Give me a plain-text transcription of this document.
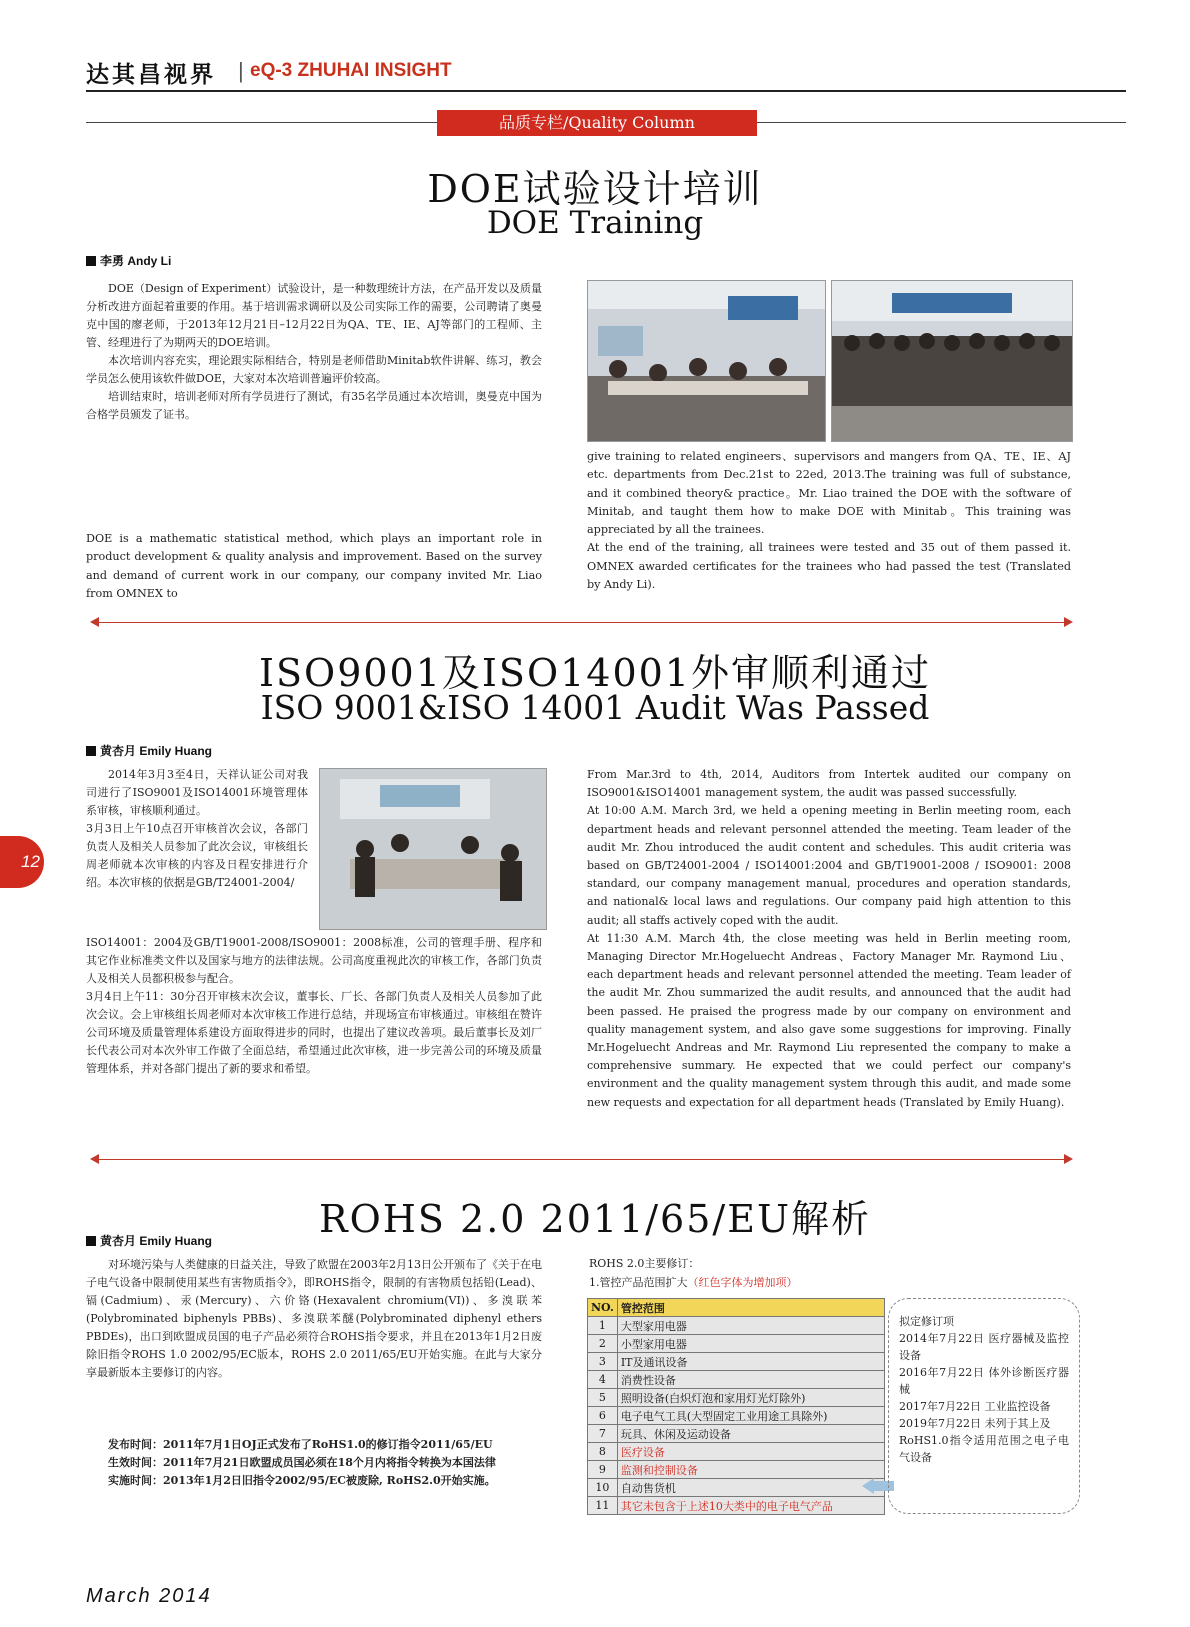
达其昌视界 | eQ-3 ZHUHAI INSIGHT
品质专栏/Quality Column
DOE试验设计培训
DOE Training
李勇 Andy Li

DOE（Design of Experiment）试验设计，是一种数理统计方法，在产品开发以及质量分析改进方面起着重要的作用。基于培训需求调研以及公司实际工作的需要，公司聘请了奥曼克中国的廖老师，于2013年12月21日–12月22日为QA、TE、IE、AJ等部门的工程师、主管、经理进行了为期两天的DOE培训。

本次培训内容充实，理论跟实际相结合，特别是老师借助Minitab软件讲解、练习，教会学员怎么使用该软件做DOE，大家对本次培训普遍评价较高。

培训结束时，培训老师对所有学员进行了测试，有35名学员通过本次培训，奥曼克中国为合格学员颁发了证书。

DOE is a mathematic statistical method, which plays an important role in product development & quality analysis and improvement. Based on the survey and demand of current work in our company, our company invited Mr. Liao from OMNEX to

give training to related engineers、supervisors and mangers from QA、TE、IE、AJ etc. departments from Dec.21st to 22ed, 2013.The training was full of substance, and it combined theory& practice。Mr. Liao trained the DOE with the software of Minitab, and taught them how to make DOE with Minitab。This training was appreciated by all the trainees.
At the end of the training, all trainees were tested and 35 out of them passed it. OMNEX awarded certificates for the trainees who had passed the test (Translated by Andy Li).

ISO9001及ISO14001外审顺利通过
ISO 9001&ISO 14001 Audit Was Passed
黄杏月 Emily Huang

2014年3月3至4日，天祥认证公司对我司进行了ISO9001及ISO14001环境管理体系审核，审核顺利通过。
3月3日上午10点召开审核首次会议，各部门负责人及相关人员参加了此次会议，审核组长周老师就本次审核的内容及日程安排进行介绍。本次审核的依据是GB/T24001-2004/

ISO14001：2004及GB/T19001-2008/ISO9001：2008标准，公司的管理手册、程序和其它作业标准类文件以及国家与地方的法律法规。公司高度重视此次的审核工作，各部门负责人及相关人员都积极参与配合。
3月4日上午11：30分召开审核末次会议，董事长、厂长、各部门负责人及相关人员参加了此次会议。会上审核组长周老师对本次审核工作进行总结，并现场宣布审核通过。审核组在赞许公司环境及质量管理体系建设方面取得进步的同时，也提出了建议改善项。最后董事长及刘厂长代表公司对本次外审工作做了全面总结，希望通过此次审核，进一步完善公司的环境及质量管理体系，并对各部门提出了新的要求和希望。

From Mar.3rd to 4th, 2014, Auditors from Intertek audited our company on ISO9001&ISO14001 management system, the audit was passed successfully.
At 10:00 A.M. March 3rd, we held a opening meeting in Berlin meeting room, each department heads and relevant personnel attended the meeting. Team leader of the audit Mr. Zhou introduced the audit content and schedules. This audit criteria was based on GB/T24001-2004 / ISO14001:2004 and GB/T19001-2008 / ISO9001: 2008 standard, our company management manual, procedures and operation standards, and national& local laws and regulations. Our company paid high attention to this audit; all staffs actively coped with the audit.
At 11:30 A.M. March 4th, the close meeting was held in Berlin meeting room, Managing Director Mr.Hogeluecht Andreas、Factory Manager Mr. Raymond Liu、each department heads and relevant personnel attended the meeting. Team leader of the audit Mr. Zhou summarized the audit results, and announced that the audit had been passed. He praised the progress made by our company on environment and quality management system, and also gave some suggestions for improving. Finally Mr.Hogeluecht Andreas and Mr. Raymond Liu represented the company to make a comprehensive summary. He expected that we could perfect our company's environment and the quality management system through this audit, and made some new requests and expectation for all department heads (Translated by Emily Huang).

12
ROHS 2.0 2011/65/EU解析
黄杏月 Emily Huang

对环境污染与人类健康的日益关注，导致了欧盟在2003年2月13日公开颁布了《关于在电子电气设备中限制使用某些有害物质指令》，即ROHS指令，限制的有害物质包括铅(Lead)、镉(Cadmium)、汞(Mercury)、六价铬(Hexavalent chromium(VI))、多溴联苯(Polybrominated biphenyls PBBs)、多溴联苯醚(Polybrominated diphenyl ethers PBDEs)，出口到欧盟成员国的电子产品必须符合ROHS指令要求，并且在2013年1月2日废除旧指令ROHS 1.0 2002/95/EC版本，ROHS 2.0 2011/65/EU开始实施。在此与大家分享最新版本主要修订的内容。

发布时间：2011年7月1日OJ正式发布了RoHS1.0的修订指令2011/65/EU

生效时间：2011年7月21日欧盟成员国必须在18个月内将指令转换为本国法律

实施时间：2013年1月2日旧指令2002/95/EC被废除, RoHS2.0开始实施。

ROHS 2.0主要修订：
1.管控产品范围扩大（红色字体为增加项）
NO.	管控范围
1	大型家用电器
2	小型家用电器
3	IT及通讯设备
4	消费性设备
5	照明设备(白炽灯泡和家用灯光灯除外)
6	电子电气工具(大型固定工业用途工具除外)
7	玩具、休闲及运动设备
8	医疗设备
9	监测和控制设备
10	自动售货机
11	其它未包含于上述10大类中的电子电气产品

拟定修订项
2014年7月22日 医疗器械及监控设备
2016年7月22日 体外诊断医疗器械
2017年7月22日 工业监控设备
2019年7月22日 未列于其上及
RoHS1.0指令适用范围之电子电气设备

March 2014
